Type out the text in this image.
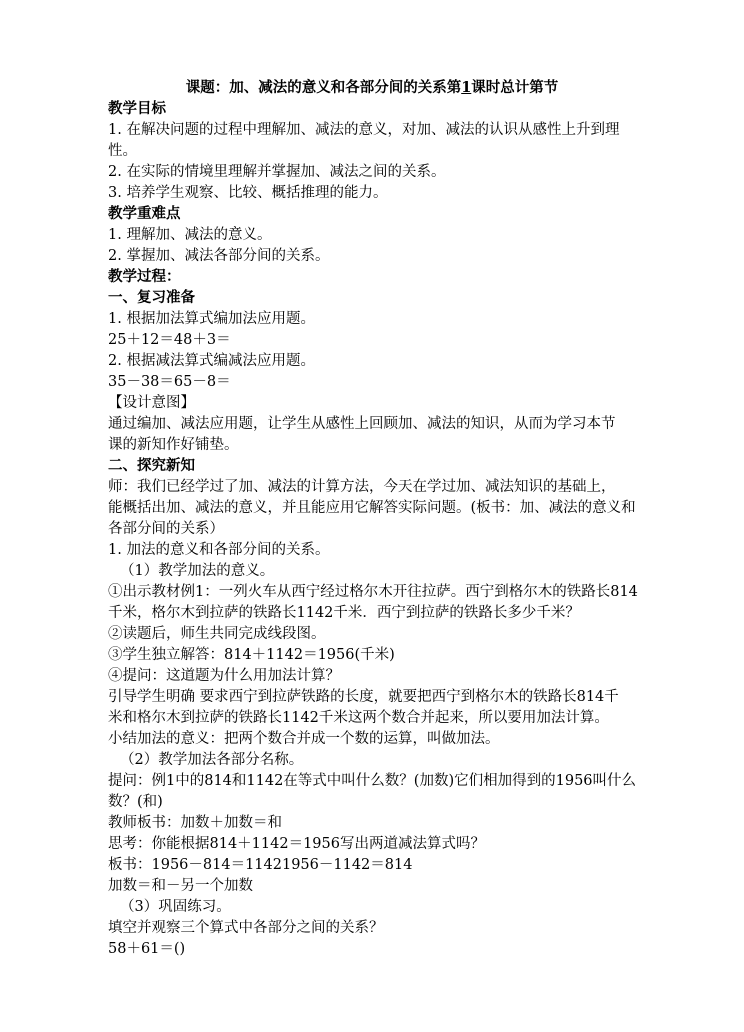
课题：加、减法的意义和各部分间的关系第1课时总计第节
教学目标
1. 在解决问题的过程中理解加、减法的意义，对加、减法的认识从感性上升到理
性。
2. 在实际的情境里理解并掌握加、减法之间的关系。
3. 培养学生观察、比较、概括推理的能力。
教学重难点
1. 理解加、减法的意义。
2. 掌握加、减法各部分间的关系。
教学过程：
一、复习准备
1. 根据加法算式编加法应用题。
25＋12＝48＋3＝
2. 根据减法算式编减法应用题。
35－38＝65－8＝
【设计意图】
通过编加、减法应用题，让学生从感性上回顾加、减法的知识，从而为学习本节
课的新知作好铺垫。
二、探究新知
师：我们已经学过了加、减法的计算方法，今天在学过加、减法知识的基础上，
能概括出加、减法的意义，并且能应用它解答实际问题。(板书：加、减法的意义和
各部分间的关系）
1. 加法的意义和各部分间的关系。
（1）教学加法的意义。
①出示教材例1：一列火车从西宁经过格尔木开往拉萨。西宁到格尔木的铁路长814
千米，格尔木到拉萨的铁路长1142千米．西宁到拉萨的铁路长多少千米？
②读题后，师生共同完成线段图。
③学生独立解答：814＋1142＝1956(千米)
④提问：这道题为什么用加法计算？
引导学生明确 要求西宁到拉萨铁路的长度，就要把西宁到格尔木的铁路长814千
米和格尔木到拉萨的铁路长1142千米这两个数合并起来，所以要用加法计算。
小结加法的意义：把两个数合并成一个数的运算，叫做加法。
（2）教学加法各部分名称。
提问：例1中的814和1142在等式中叫什么数？(加数)它们相加得到的1956叫什么
数？(和)
教师板书：加数＋加数＝和
思考：你能根据814＋1142＝1956写出两道减法算式吗？
板书：1956－814＝11421956－1142＝814
加数＝和－另一个加数
（3）巩固练习。
填空并观察三个算式中各部分之间的关系？
58＋61＝()
